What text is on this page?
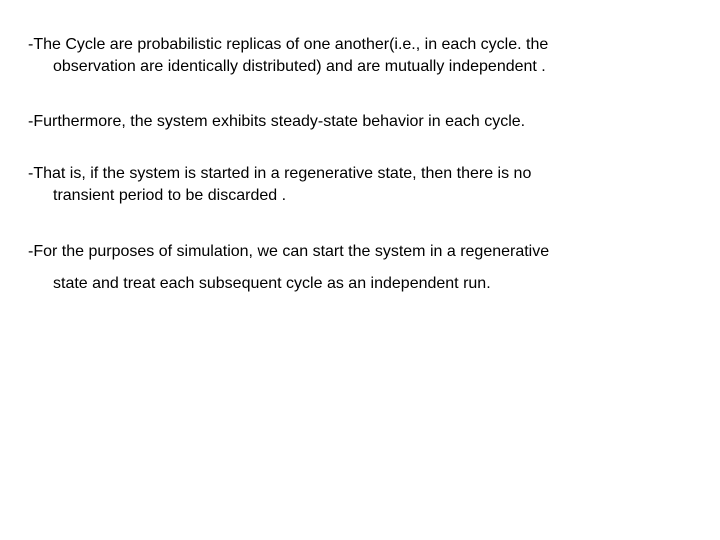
-The Cycle are probabilistic replicas of one another(i.e., in each cycle. the
observation are identically distributed) and are mutually independent .
-Furthermore, the system exhibits steady-state behavior in each cycle.
-That is, if the system is started in a regenerative state, then there is no
transient period to be discarded .
-For the purposes of simulation, we can start the system in a regenerative
state and treat each subsequent cycle as an independent run.
